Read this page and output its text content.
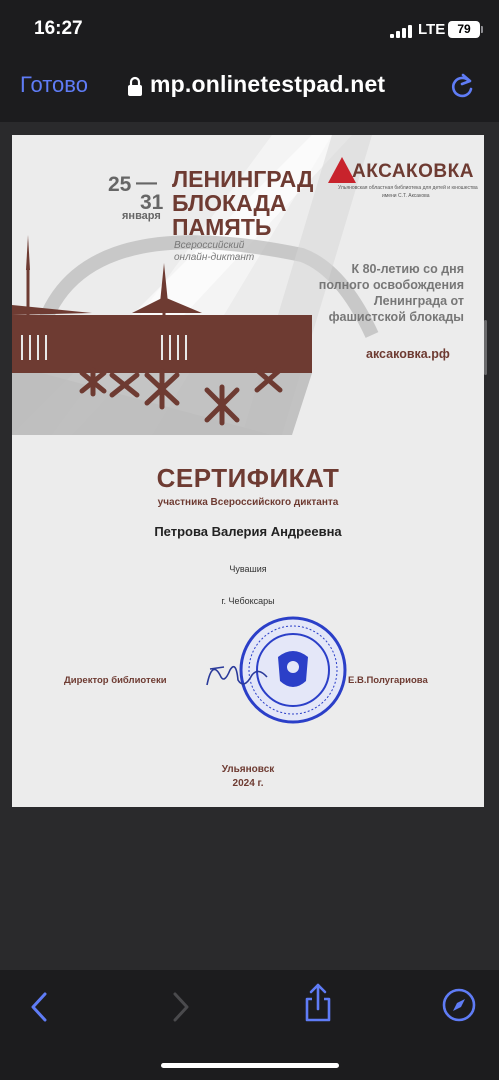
16:27	LTE	79
Готово	mp.onlinetestpad.net
25 —
31
января
ЛЕНИНГРАД
БЛОКАДА
ПАМЯТЬ
Всероссийский
онлайн-диктант
АКСАКОВКА
Ульяновская областная библиотека для детей и юношества
имени С.Т. Аксакова
К 80-летию со дня
полного освобождения
Ленинграда от
фашистской блокады
аксаковка.рф
СЕРТИФИКАТ
участника Всероссийского диктанта
Петрова Валерия Андреевна
Чувашия
г. Чебоксары
Директор библиотеки	Е.В.Полугариова
Ульяновск
2024 г.
